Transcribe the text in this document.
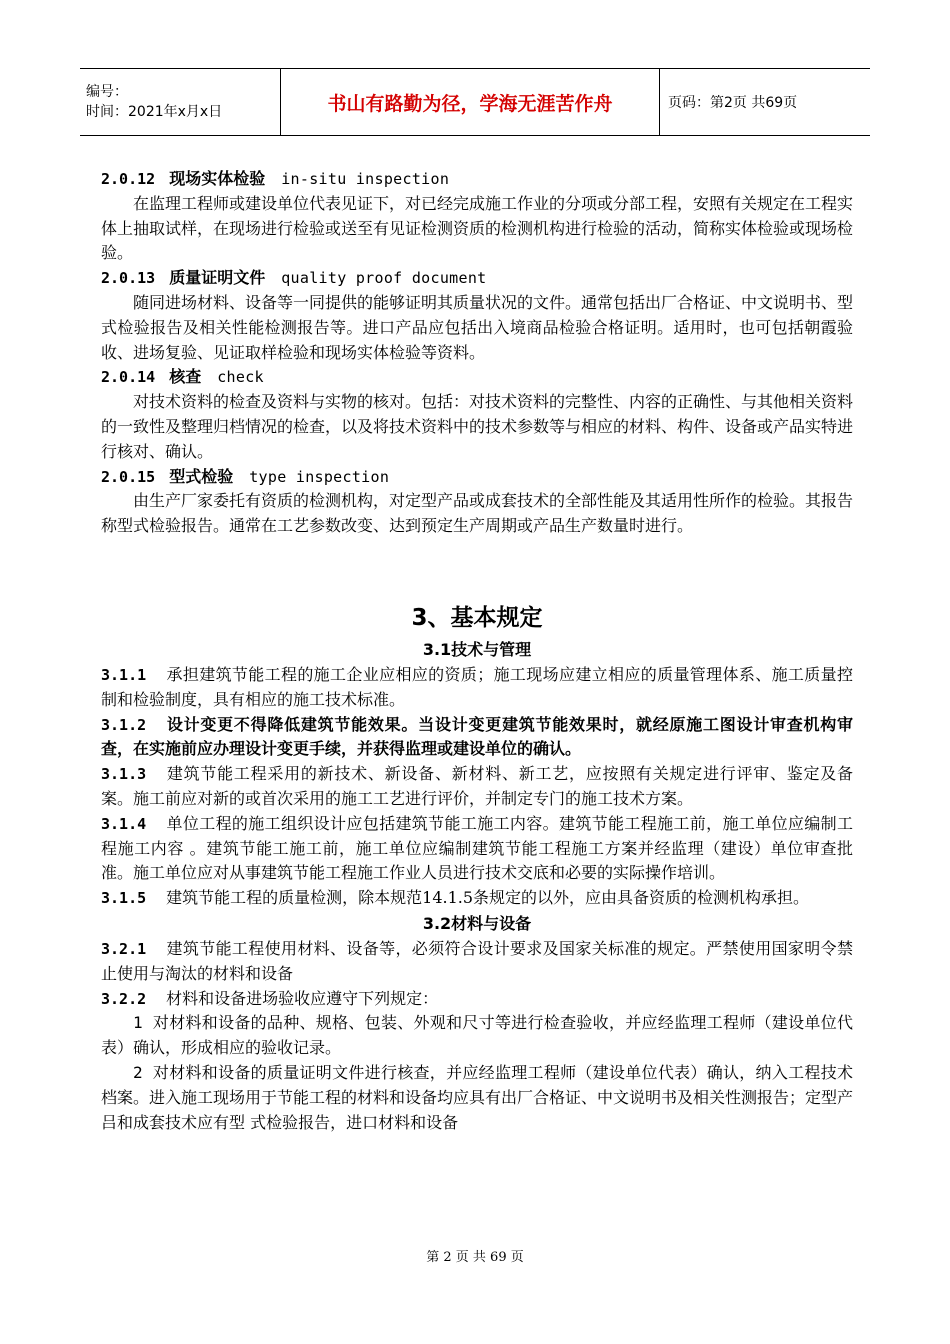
编号：
时间：2021年x月x日	书山有路勤为径，学海无涯苦作舟	页码：第2页 共69页

2.0.12 现场实体检验 in-situ inspection

在监理工程师或建设单位代表见证下，对已经完成施工作业的分项或分部工程，安照有关规定在工程实体上抽取试样，在现场进行检验或送至有见证检测资质的检测机构进行检验的活动，简称实体检验或现场检验。

2.0.13 质量证明文件 quality proof document

随同进场材料、设备等一同提供的能够证明其质量状况的文件。通常包括出厂合格证、中文说明书、型式检验报告及相关性能检测报告等。进口产品应包括出入境商品检验合格证明。适用时，也可包括朝霞验收、进场复验、见证取样检验和现场实体检验等资料。

2.0.14 核查 check

对技术资料的检查及资料与实物的核对。包括：对技术资料的完整性、内容的正确性、与其他相关资料的一致性及整理归档情况的检查，以及将技术资料中的技术参数等与相应的材料、构件、设备或产品实特进行核对、确认。

2.0.15 型式检验 type inspection

由生产厂家委托有资质的检测机构，对定型产品或成套技术的全部性能及其适用性所作的检验。其报告称型式检验报告。通常在工艺参数改变、达到预定生产周期或产品生产数量时进行。

3、基本规定

3.1技术与管理

3.1.1 承担建筑节能工程的施工企业应相应的资质；施工现场应建立相应的质量管理体系、施工质量控制和检验制度，具有相应的施工技术标准。

3.1.2 设计变更不得降低建筑节能效果。当设计变更建筑节能效果时，就经原施工图设计审查机构审查，在实施前应办理设计变更手续，并获得监理或建设单位的确认。

3.1.3 建筑节能工程采用的新技术、新设备、新材料、新工艺，应按照有关规定进行评审、鉴定及备案。施工前应对新的或首次采用的施工工艺进行评价，并制定专门的施工技术方案。

3.1.4 单位工程的施工组织设计应包括建筑节能工施工内容。建筑节能工程施工前，施工单位应编制工程施工内容 。建筑节能工施工前，施工单位应编制建筑节能工程施工方案并经监理（建设）单位审查批准。施工单位应对从事建筑节能工程施工作业人员进行技术交底和必要的实际操作培训。

3.1.5 建筑节能工程的质量检测，除本规范14.1.5条规定的以外，应由具备资质的检测机构承担。

3.2材料与设备

3.2.1 建筑节能工程使用材料、设备等，必须符合设计要求及国家关标准的规定。严禁使用国家明令禁止使用与淘汰的材料和设备

3.2.2 材料和设备进场验收应遵守下列规定：

1 对材料和设备的品种、规格、包装、外观和尺寸等进行检查验收，并应经监理工程师（建设单位代表）确认，形成相应的验收记录。

2 对材料和设备的质量证明文件进行核查，并应经监理工程师（建设单位代表）确认，纳入工程技术档案。进入施工现场用于节能工程的材料和设备均应具有出厂合格证、中文说明书及相关性测报告；定型产吕和成套技术应有型 式检验报告，进口材料和设备

第 2 页 共 69 页
